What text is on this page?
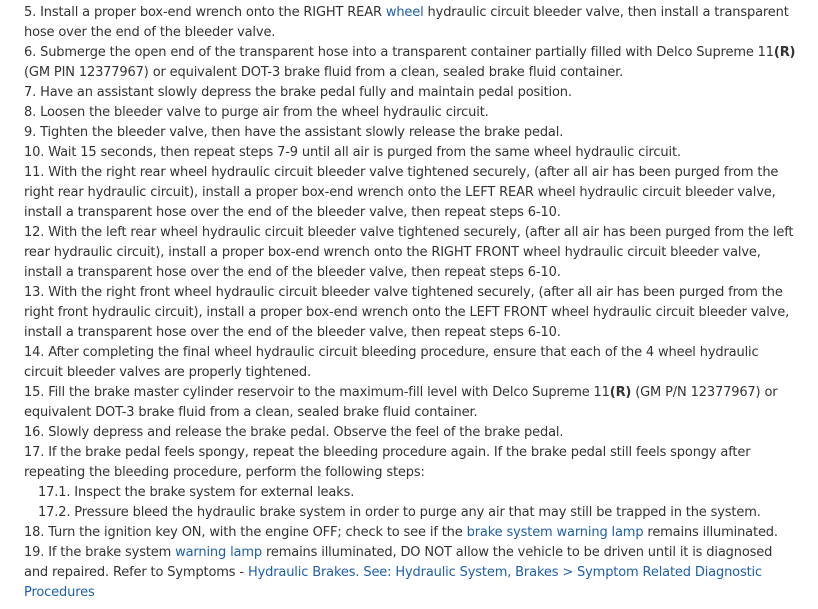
5. Install a proper box-end wrench onto the RIGHT REAR wheel hydraulic circuit bleeder valve, then install a transparent hose over the end of the bleeder valve.
6. Submerge the open end of the transparent hose into a transparent container partially filled with Delco Supreme 11(R) (GM PIN 12377967) or equivalent DOT-3 brake fluid from a clean, sealed brake fluid container.
7. Have an assistant slowly depress the brake pedal fully and maintain pedal position.
8. Loosen the bleeder valve to purge air from the wheel hydraulic circuit.
9. Tighten the bleeder valve, then have the assistant slowly release the brake pedal.
10. Wait 15 seconds, then repeat steps 7-9 until all air is purged from the same wheel hydraulic circuit.
11. With the right rear wheel hydraulic circuit bleeder valve tightened securely, (after all air has been purged from the right rear hydraulic circuit), install a proper box-end wrench onto the LEFT REAR wheel hydraulic circuit bleeder valve, install a transparent hose over the end of the bleeder valve, then repeat steps 6-10.
12. With the left rear wheel hydraulic circuit bleeder valve tightened securely, (after all air has been purged from the left rear hydraulic circuit), install a proper box-end wrench onto the RIGHT FRONT wheel hydraulic circuit bleeder valve, install a transparent hose over the end of the bleeder valve, then repeat steps 6-10.
13. With the right front wheel hydraulic circuit bleeder valve tightened securely, (after all air has been purged from the right front hydraulic circuit), install a proper box-end wrench onto the LEFT FRONT wheel hydraulic circuit bleeder valve, install a transparent hose over the end of the bleeder valve, then repeat steps 6-10.
14. After completing the final wheel hydraulic circuit bleeding procedure, ensure that each of the 4 wheel hydraulic circuit bleeder valves are properly tightened.
15. Fill the brake master cylinder reservoir to the maximum-fill level with Delco Supreme 11(R) (GM P/N 12377967) or equivalent DOT-3 brake fluid from a clean, sealed brake fluid container.
16. Slowly depress and release the brake pedal. Observe the feel of the brake pedal.
17. If the brake pedal feels spongy, repeat the bleeding procedure again. If the brake pedal still feels spongy after repeating the bleeding procedure, perform the following steps:
17.1. Inspect the brake system for external leaks.
17.2. Pressure bleed the hydraulic brake system in order to purge any air that may still be trapped in the system.
18. Turn the ignition key ON, with the engine OFF; check to see if the brake system warning lamp remains illuminated.
19. If the brake system warning lamp remains illuminated, DO NOT allow the vehicle to be driven until it is diagnosed and repaired. Refer to Symptoms - Hydraulic Brakes. See: Hydraulic System, Brakes > Symptom Related Diagnostic Procedures
